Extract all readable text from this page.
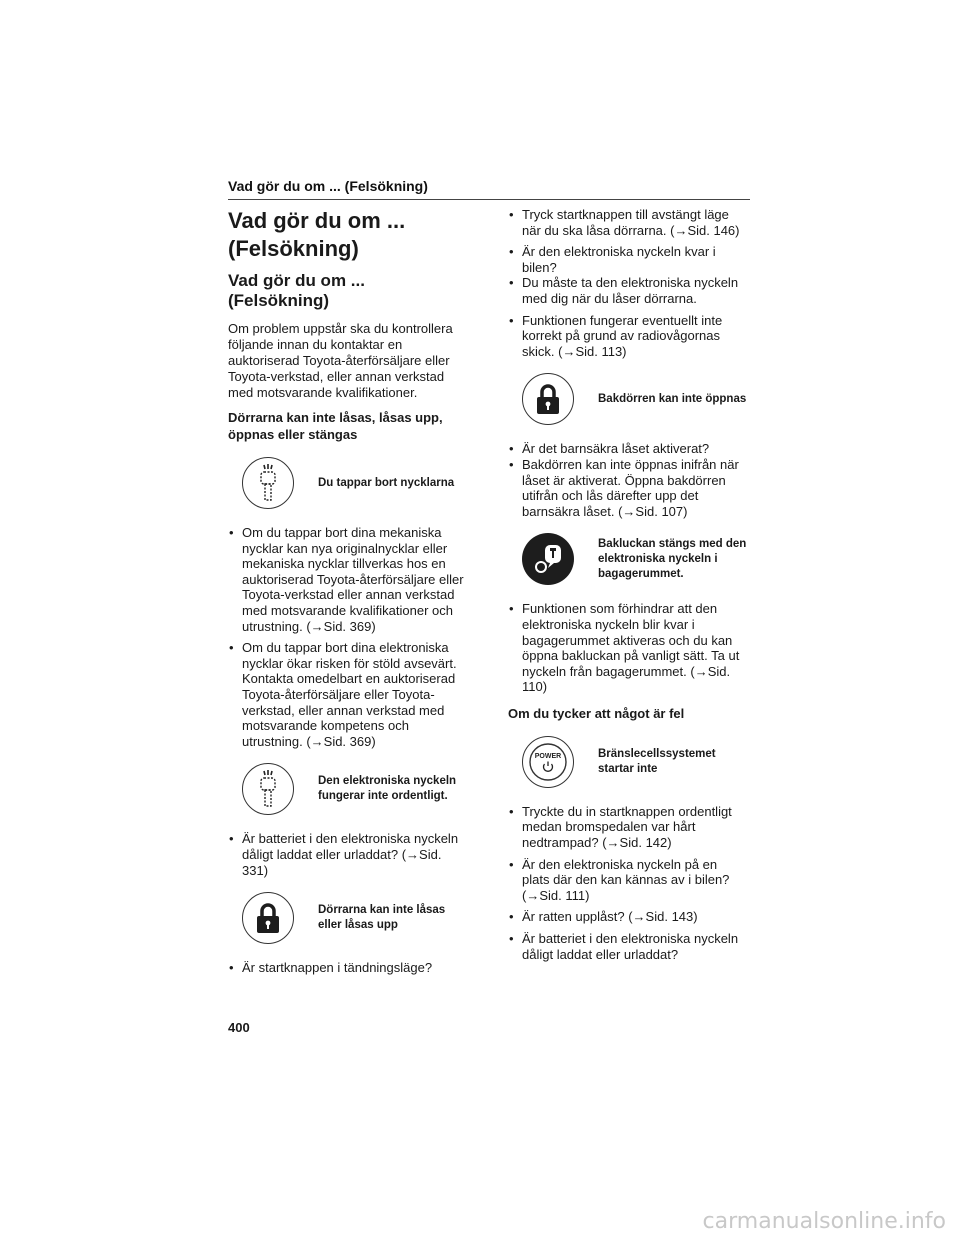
Vad gör du om ... (Felsökning)
Vad gör du om ... (Felsökning)
Vad gör du om ... (Felsökning)

Om problem uppstår ska du kontrollera följande innan du kontaktar en auktoriserad Toyota-återförsäljare eller Toyota-verkstad, eller annan verkstad med motsvarande kvalifikationer.

Dörrarna kan inte låsas, låsas upp, öppnas eller stängas
Du tappar bort nycklarna
• Om du tappar bort dina mekaniska nycklar kan nya originalnycklar eller mekaniska nycklar tillverkas hos en auktoriserad Toyota-återförsäljare eller Toyota-verkstad eller annan verkstad med motsvarande kvalifikationer och utrustning. (→Sid. 369)
• Om du tappar bort dina elektroniska nycklar ökar risken för stöld avsevärt. Kontakta omedelbart en auktoriserad Toyota-återförsäljare eller Toyota-verkstad, eller annan verkstad med motsvarande kompetens och utrustning. (→Sid. 369)
Den elektroniska nyckeln fungerar inte ordentligt.
• Är batteriet i den elektroniska nyckeln dåligt laddat eller urladdat? (→Sid. 331)
Dörrarna kan inte låsas eller låsas upp
• Är startknappen i tändningsläge?
• Tryck startknappen till avstängt läge när du ska låsa dörrarna. (→Sid. 146)
• Är den elektroniska nyckeln kvar i bilen?
• Du måste ta den elektroniska nyckeln med dig när du låser dörrarna.
• Funktionen fungerar eventuellt inte korrekt på grund av radiovågornas skick. (→Sid. 113)
Bakdörren kan inte öppnas
• Är det barnsäkra låset aktiverat?
• Bakdörren kan inte öppnas inifrån när låset är aktiverat. Öppna bakdörren utifrån och lås därefter upp det barnsäkra låset. (→Sid. 107)
Bakluckan stängs med den elektroniska nyckeln i bagagerummet.
• Funktionen som förhindrar att den elektroniska nyckeln blir kvar i bagagerummet aktiveras och du kan öppna bakluckan på vanligt sätt. Ta ut nyckeln från bagagerummet. (→Sid. 110)
Om du tycker att något är fel
POWER	Bränslecellssystemet startar inte
• Tryckte du in startknappen ordentligt medan bromspedalen var hårt nedtrampad? (→Sid. 142)
• Är den elektroniska nyckeln på en plats där den kan kännas av i bilen? (→Sid. 111)
• Är ratten upplåst? (→Sid. 143)
• Är batteriet i den elektroniska nyckeln dåligt laddat eller urladdat?
400
carmanualsonline.info
